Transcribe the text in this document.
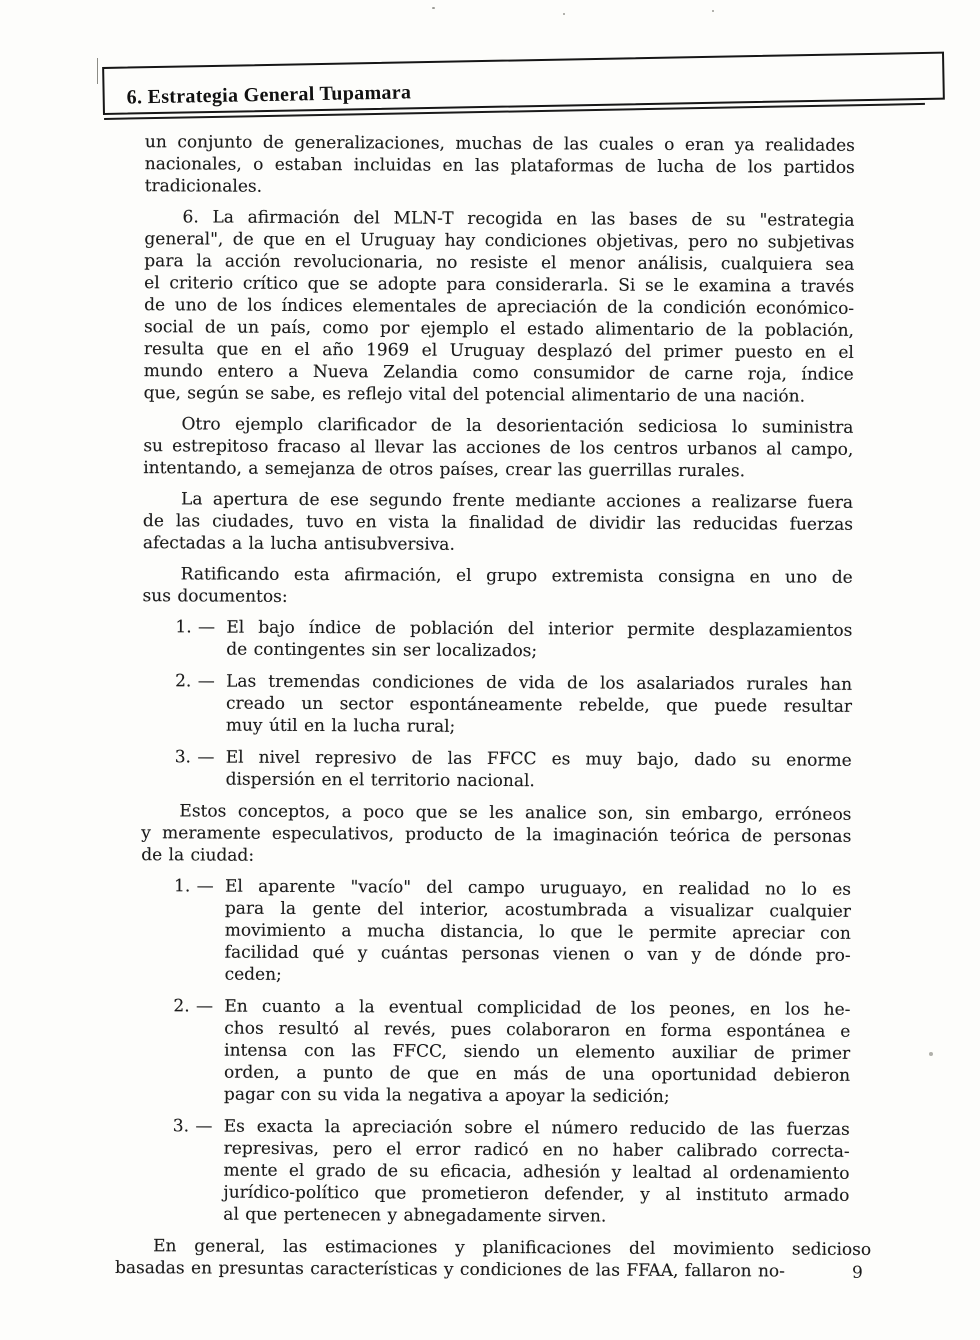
6. Estrategia General Tupamara
un conjunto de generalizaciones, muchas de las cuales o eran ya realidades
nacionales, o estaban incluidas en las plataformas de lucha de los partidos
tradicionales.
6. La afirmación del MLN-T recogida en las bases de su "estrategia
general", de que en el Uruguay hay condiciones objetivas, pero no subjetivas
para la acción revolucionaria, no resiste el menor análisis, cualquiera sea
el criterio crítico que se adopte para considerarla. Si se le examina a través
de uno de los índices elementales de apreciación de la condición económico-
social de un país, como por ejemplo el estado alimentario de la población,
resulta que en el año 1969 el Uruguay desplazó del primer puesto en el
mundo entero a Nueva Zelandia como consumidor de carne roja, índice
que, según se sabe, es reflejo vital del potencial alimentario de una nación.
Otro ejemplo clarificador de la desorientación sediciosa lo suministra
su estrepitoso fracaso al llevar las acciones de los centros urbanos al campo,
intentando, a semejanza de otros países, crear las guerrillas rurales.
La apertura de ese segundo frente mediante acciones a realizarse fuera
de las ciudades, tuvo en vista la finalidad de dividir las reducidas fuerzas
afectadas a la lucha antisubversiva.
Ratificando esta afirmación, el grupo extremista consigna en uno de
sus documentos:
1. — El bajo índice de población del interior permite desplazamientos
de contingentes sin ser localizados;
2. — Las tremendas condiciones de vida de los asalariados rurales han
creado un sector espontáneamente rebelde, que puede resultar
muy útil en la lucha rural;
3. — El nivel represivo de las FFCC es muy bajo, dado su enorme
dispersión en el territorio nacional.
Estos conceptos, a poco que se les analice son, sin embargo, erróneos
y meramente especulativos, producto de la imaginación teórica de personas
de la ciudad:
1. — El aparente "vacío" del campo uruguayo, en realidad no lo es
para la gente del interior, acostumbrada a visualizar cualquier
movimiento a mucha distancia, lo que le permite apreciar con
facilidad qué y cuántas personas vienen o van y de dónde pro-
ceden;
2. — En cuanto a la eventual complicidad de los peones, en los he-
chos resultó al revés, pues colaboraron en forma espontánea e
intensa con las FFCC, siendo un elemento auxiliar de primer
orden, a punto de que en más de una oportunidad debieron
pagar con su vida la negativa a apoyar la sedición;
3. — Es exacta la apreciación sobre el número reducido de las fuerzas
represivas, pero el error radicó en no haber calibrado correcta-
mente el grado de su eficacia, adhesión y lealtad al ordenamiento
jurídico-político que prometieron defender, y al instituto armado
al que pertenecen y abnegadamente sirven.
En general, las estimaciones y planificaciones del movimiento sedicioso
basadas en presuntas características y condiciones de las FFAA, fallaron no-	9
